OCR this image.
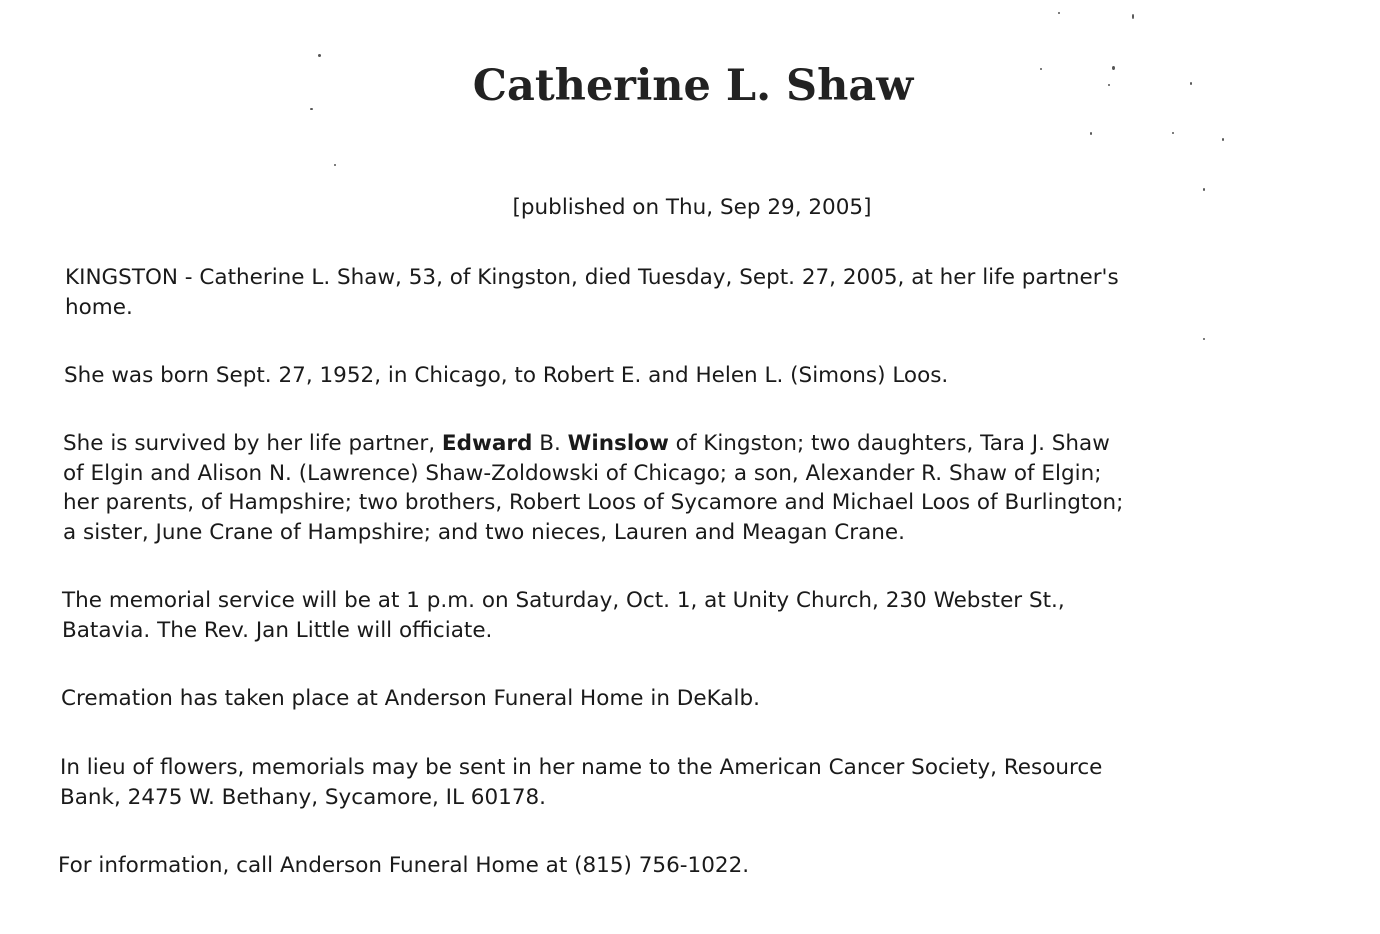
Catherine L. Shaw
[published on Thu, Sep 29, 2005]
KINGSTON - Catherine L. Shaw, 53, of Kingston, died Tuesday, Sept. 27, 2005, at her life partner's
home.
She was born Sept. 27, 1952, in Chicago, to Robert E. and Helen L. (Simons) Loos.
She is survived by her life partner, Edward B. Winslow of Kingston; two daughters, Tara J. Shaw
of Elgin and Alison N. (Lawrence) Shaw-Zoldowski of Chicago; a son, Alexander R. Shaw of Elgin;
her parents, of Hampshire; two brothers, Robert Loos of Sycamore and Michael Loos of Burlington;
a sister, June Crane of Hampshire; and two nieces, Lauren and Meagan Crane.
The memorial service will be at 1 p.m. on Saturday, Oct. 1, at Unity Church, 230 Webster St.,
Batavia. The Rev. Jan Little will officiate.
Cremation has taken place at Anderson Funeral Home in DeKalb.
In lieu of flowers, memorials may be sent in her name to the American Cancer Society, Resource
Bank, 2475 W. Bethany, Sycamore, IL 60178.
For information, call Anderson Funeral Home at (815) 756-1022.
